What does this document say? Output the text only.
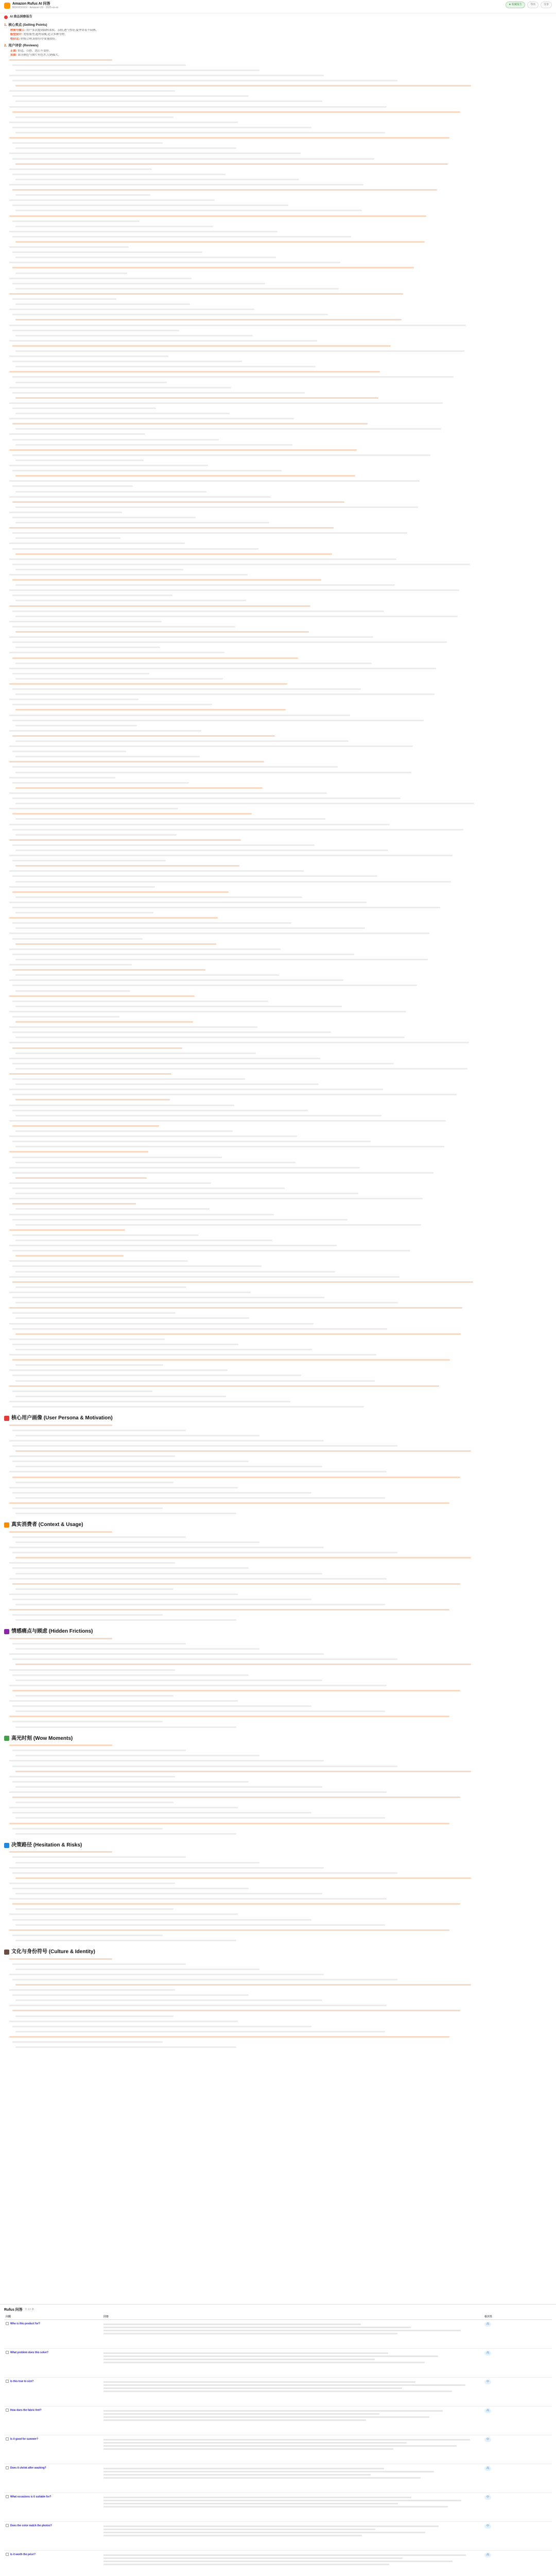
Amazon Rufus AI 问答
B0XXXXXXX · Amazon US · 2025-xx-xx
★ 收藏报告	导出	分享
AI 商品洞察报告
1. 核心卖点 (Selling Points)
材质与做工: 用户多次提到面料柔软、亲肤,透气性好,夏季穿着不闷热。
版型设计: 宽松版型,遮肉显瘦,适合多种身材。
性价比: 价格合理,同价位中质量较好。
2. 用户评价 (Reviews)
正面: 舒适、百搭、洗后不变形。
负面: 部分颜色与图片有色差,尺码偏大。
核心用户画像 (User Persona & Motivation)
真实消费者 (Context & Usage)
情感痛点与顾虑 (Hidden Frictions)
高光时刻 (Wow Moments)
决策路径 (Hesitation & Risks)
文化与身份符号 (Culture & Identity)
Rufus 问答 共 12 条
问题	回答	相关性
Who is this product for?		高
What problem does this solve?		高
Is this true to size?		中
How does the fabric feel?		高
Is it good for summer?		中
Does it shrink after washing?		高
What occasions is it suitable for?		中
Does the color match the photos?		中
Is it worth the price?		高
